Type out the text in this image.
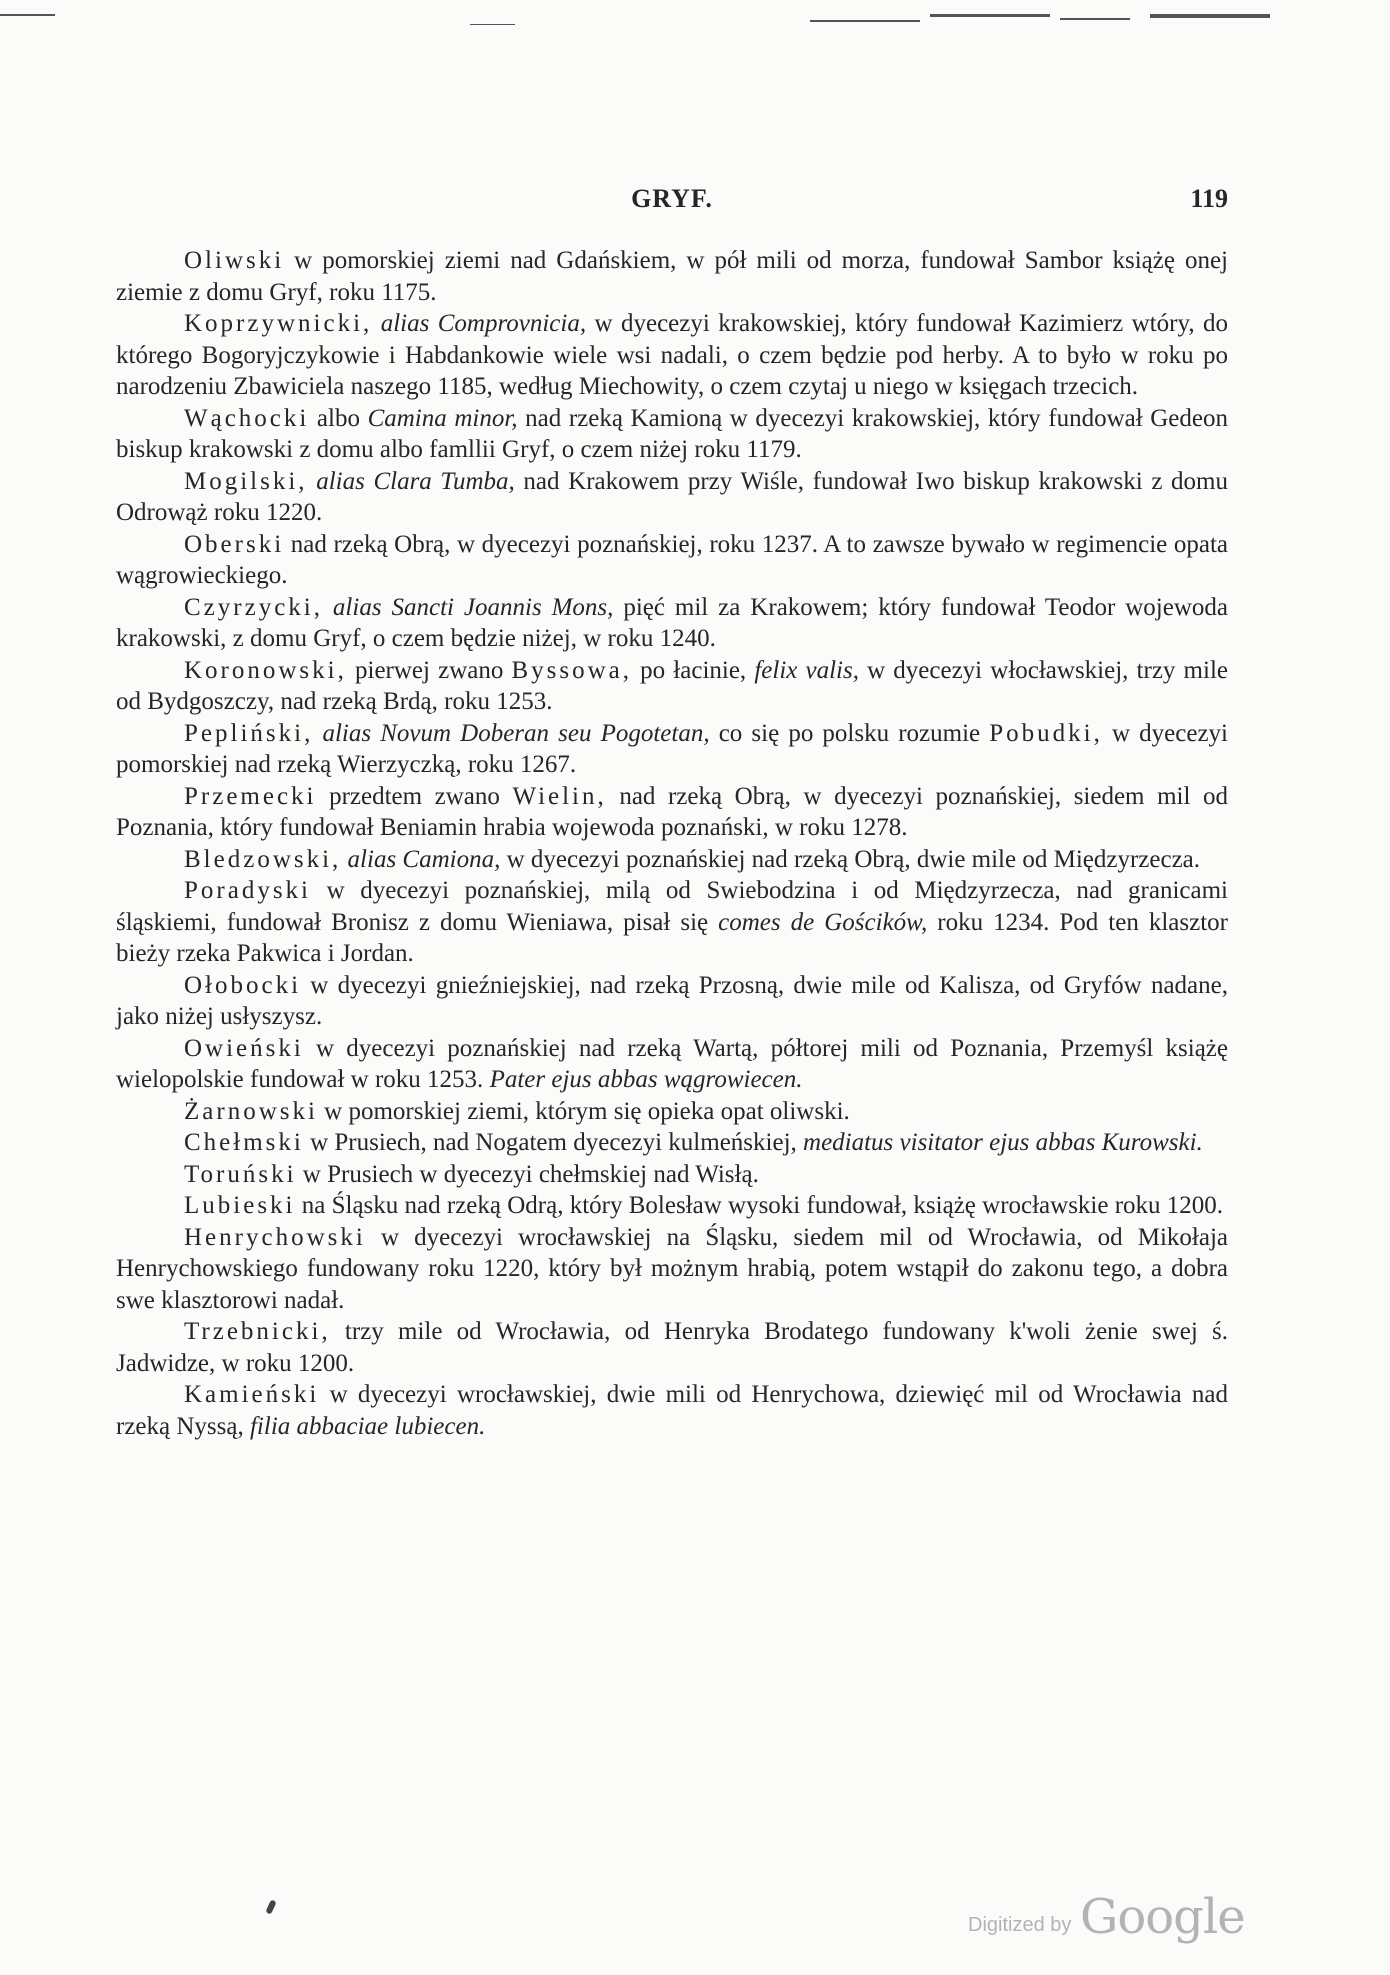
GRYF.	119

Oliwski w pomorskiej ziemi nad Gdańskiem, w pół mili od morza, fundował Sambor książę onej ziemie z domu Gryf, roku 1175.

Koprzywnicki, alias Comprovnicia, w dyecezyi krakowskiej, który fundował Kazimierz wtóry, do którego Bogoryjczykowie i Habdankowie wiele wsi nadali, o czem będzie pod herby. A to było w roku po narodzeniu Zbawiciela naszego 1185, według Miechowity, o czem czytaj u niego w księgach trzecich.

Wąchocki albo Camina minor, nad rzeką Kamioną w dyecezyi krakowskiej, który fundował Gedeon biskup krakowski z domu albo famllii Gryf, o czem niżej roku 1179.

Mogilski, alias Clara Tumba, nad Krakowem przy Wiśle, fundował Iwo biskup krakowski z domu Odrowąż roku 1220.

Oberski nad rzeką Obrą, w dyecezyi poznańskiej, roku 1237. A to zawsze bywało w regimencie opata wągrowieckiego.

Czyrzycki, alias Sancti Joannis Mons, pięć mil za Krakowem; który fundował Teodor wojewoda krakowski, z domu Gryf, o czem będzie niżej, w roku 1240.

Koronowski, pierwej zwano Byssowa, po łacinie, felix valis, w dyecezyi włocławskiej, trzy mile od Bydgoszczy, nad rzeką Brdą, roku 1253.

Pepliński, alias Novum Doberan seu Pogotetan, co się po polsku rozumie Pobudki, w dyecezyi pomorskiej nad rzeką Wierzyczką, roku 1267.

Przemecki przedtem zwano Wielin, nad rzeką Obrą, w dyecezyi poznańskiej, siedem mil od Poznania, który fundował Beniamin hrabia wojewoda poznański, w roku 1278.

Bledzowski, alias Camiona, w dyecezyi poznańskiej nad rzeką Obrą, dwie mile od Międzyrzecza.

Poradyski w dyecezyi poznańskiej, milą od Swiebodzina i od Międzyrzecza, nad granicami śląskiemi, fundował Bronisz z domu Wieniawa, pisał się comes de Gościków, roku 1234. Pod ten klasztor bieży rzeka Pakwica i Jordan.

Ołobocki w dyecezyi gnieźniejskiej, nad rzeką Przosną, dwie mile od Kalisza, od Gryfów nadane, jako niżej usłyszysz.

Owieński w dyecezyi poznańskiej nad rzeką Wartą, półtorej mili od Poznania, Przemyśl książę wielopolskie fundował w roku 1253. Pater ejus abbas wągrowiecen.

Żarnowski w pomorskiej ziemi, którym się opieka opat oliwski.

Chełmski w Prusiech, nad Nogatem dyecezyi kulmeńskiej, mediatus visitator ejus abbas Kurowski.

Toruński w Prusiech w dyecezyi chełmskiej nad Wisłą.

Lubieski na Śląsku nad rzeką Odrą, który Bolesław wysoki fundował, książę wrocławskie roku 1200.

Henrychowski w dyecezyi wrocławskiej na Śląsku, siedem mil od Wrocławia, od Mikołaja Henrychowskiego fundowany roku 1220, który był możnym hrabią, potem wstąpił do zakonu tego, a dobra swe klasztorowi nadał.

Trzebnicki, trzy mile od Wrocławia, od Henryka Brodatego fundowany k'woli żenie swej ś. Jadwidze, w roku 1200.

Kamieński w dyecezyi wrocławskiej, dwie mili od Henrychowa, dziewięć mil od Wrocławia nad rzeką Nyssą, filia abbaciae lubiecen.

Digitized by Google
